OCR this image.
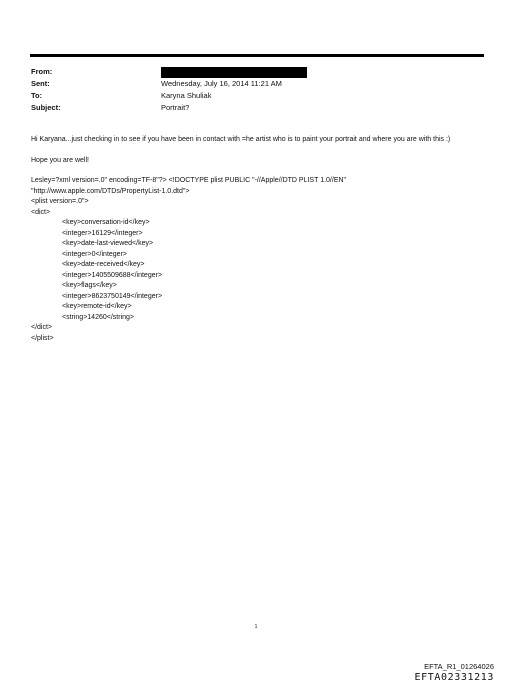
From:
Sent:	Wednesday, July 16, 2014 11:21 AM
To:	Karyna Shuliak
Subject:	Portrait?

Hi Karyana...just checking in to see if you have been in contact with =he artist who is to paint your portrait and where you are with this :)

Hope you are well!

Lesley=?xml version=.0" encoding=TF-8"?> <!DOCTYPE plist PUBLIC "-//Apple//DTD PLIST 1.0//EN"
"http://www.apple.com/DTDs/PropertyList-1.0.dtd">
<plist version=.0">
<dict>
<key>conversation-id</key>
<integer>16129</integer>
<key>date-last-viewed</key>
<integer>0</integer>
<key>date-received</key>
<integer>1405509688</integer>
<key>flags</key>
<integer>8623750149</integer>
<key>remote-id</key>
<string>14260</string>
</dict>
</plist>
1
EFTA_R1_01264026
EFTA02331213
